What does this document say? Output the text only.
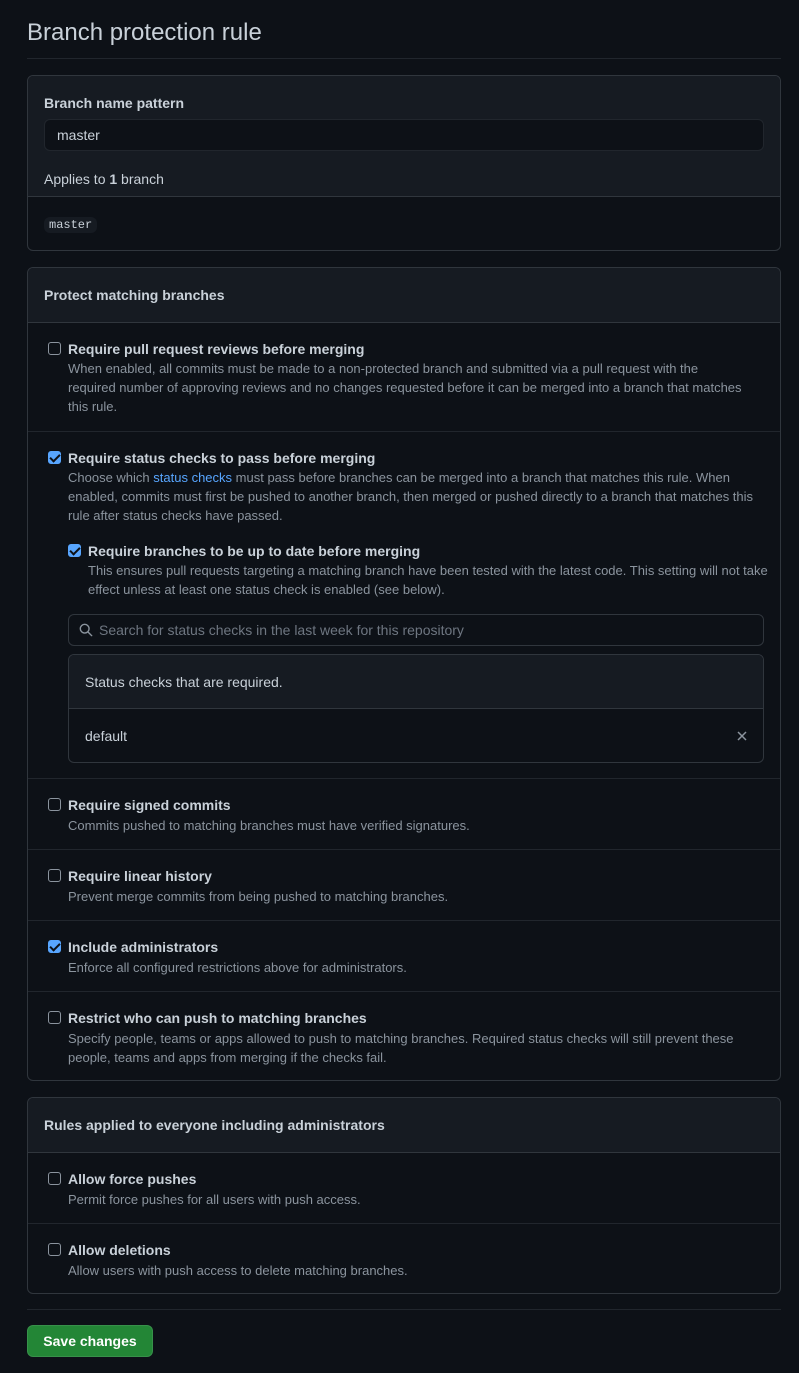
Branch protection rule
Branch name pattern
master
Applies to 1 branch
master
Protect matching branches
Require pull request reviews before merging
When enabled, all commits must be made to a non-protected branch and submitted via a pull request with the required number of approving reviews and no changes requested before it can be merged into a branch that matches this rule.
Require status checks to pass before merging
Choose which status checks must pass before branches can be merged into a branch that matches this rule. When enabled, commits must first be pushed to another branch, then merged or pushed directly to a branch that matches this rule after status checks have passed.
Require branches to be up to date before merging
This ensures pull requests targeting a matching branch have been tested with the latest code. This setting will not take effect unless at least one status check is enabled (see below).
Search for status checks in the last week for this repository
Status checks that are required.
default
Require signed commits
Commits pushed to matching branches must have verified signatures.
Require linear history
Prevent merge commits from being pushed to matching branches.
Include administrators
Enforce all configured restrictions above for administrators.
Restrict who can push to matching branches
Specify people, teams or apps allowed to push to matching branches. Required status checks will still prevent these people, teams and apps from merging if the checks fail.
Rules applied to everyone including administrators
Allow force pushes
Permit force pushes for all users with push access.
Allow deletions
Allow users with push access to delete matching branches.
Save changes
